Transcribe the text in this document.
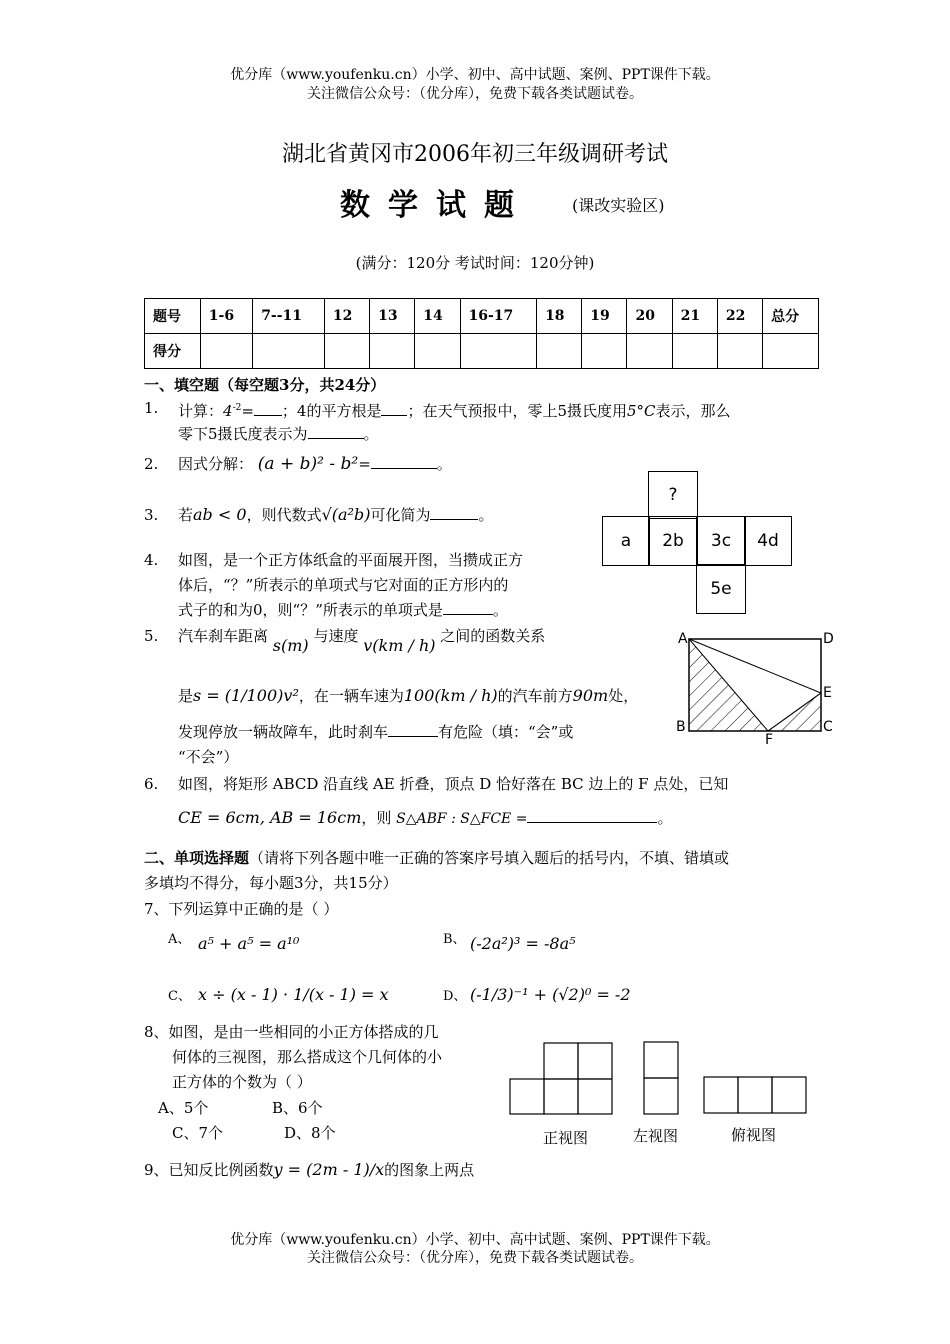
优分库（www.youfenku.cn）小学、初中、高中试题、案例、PPT课件下载。
关注微信公众号：（优分库），免费下载各类试题试卷。
湖北省黄冈市2006年初三年级调研考试
数学试题	(课改实验区)
(满分：120分 考试时间：120分钟)
题号	1-6	7--11	12	13	14	16-17	18	19	20	21	22	总分
得分												
一、填空题（每空题3分，共24分）
1. 计算：$4^{-2}=$ ；4的平方根是 ；在天气预报中，零上5摄氏度用5°C表示，那么
零下5摄氏度表示为	。
2. 因式分解： (a + b)² - b²=	。
3. 若ab < 0，则代数式√(a²b)可化简为	。
4. 如图，是一个正方体纸盒的平面展开图，当攒成正方
体后，“？”所表示的单项式与它对面的正方形内的
式子的和为0，则“？”所表示的单项式是	。
?
a	2b	3c	4d
5e
5. 汽车刹车距离 s(m) 与速度 v(km / h) 之间的函数关系
是s = (1/100)v²，在一辆车速为100(km / h)的汽车前方90m处，
发现停放一辆故障车，此时刹车	有危险（填：“会”或
“不会”）
A	D
E
B	C
F
6. 如图，将矩形 ABCD 沿直线 AE 折叠，顶点 D 恰好落在 BC 边上的 F 点处，已知
CE = 6cm, AB = 16cm，则 S△ABF : S△FCE =	。
二、单项选择题（请将下列各题中唯一正确的答案序号填入题后的括号内，不填、错填或
多填均不得分，每小题3分，共15分）
7、下列运算中正确的是（ ）
A、 a⁵ + a⁵ = a¹⁰	B、 (-2a²)³ = -8a⁵
C、 x ÷ (x - 1) · 1/(x - 1) = x	D、 (-1/3)⁻¹ + (√2)⁰ = -2
8、如图，是由一些相同的小正方体搭成的几
何体的三视图，那么搭成这个几何体的小
正方体的个数为（ ）
A、5个	B、6个
C、7个	D、8个	正视图	左视图	俯视图
9、已知反比例函数y = (2m - 1)/x的图象上两点
优分库（www.youfenku.cn）小学、初中、高中试题、案例、PPT课件下载。
关注微信公众号：（优分库），免费下载各类试题试卷。
